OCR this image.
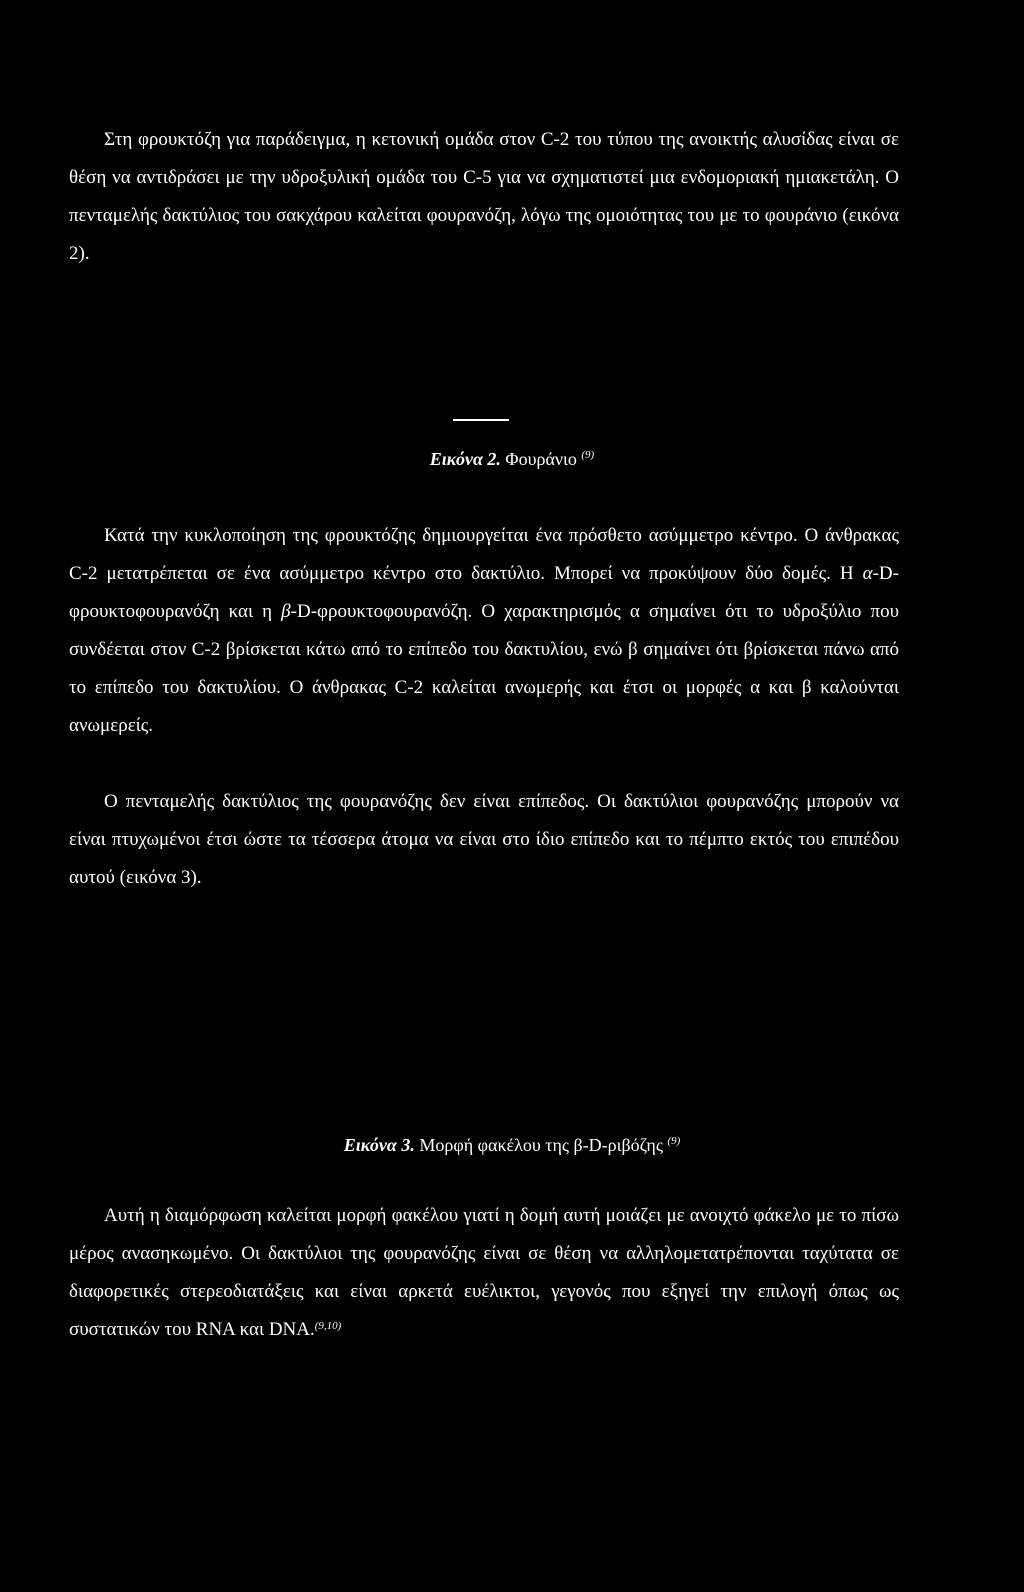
Στη φρουκτόζη για παράδειγμα, η κετονική ομάδα στον C-2 του τύπου της ανοικτής αλυσίδας είναι σε θέση να αντιδράσει με την υδροξυλική ομάδα του C-5 για να σχηματιστεί μια ενδομοριακή ημιακετάλη. Ο πενταμελής δακτύλιος του σακχάρου καλείται φουρανόζη, λόγω της ομοιότητας του με το φουράνιο (εικόνα 2).

Εικόνα 2. Φουράνιο $^{(9)}$

Κατά την κυκλοποίηση της φρουκτόζης δημιουργείται ένα πρόσθετο ασύμμετρο κέντρο. Ο άνθρακας C-2 μετατρέπεται σε ένα ασύμμετρο κέντρο στο δακτύλιο. Μπορεί να προκύψουν δύο δομές. Η α-D-φρουκτοφουρανόζη και η β-D-φρουκτοφουρανόζη. Ο χαρακτηρισμός α σημαίνει ότι το υδροξύλιο που συνδέεται στον C-2 βρίσκεται κάτω από το επίπεδο του δακτυλίου, ενώ β σημαίνει ότι βρίσκεται πάνω από το επίπεδο του δακτυλίου. Ο άνθρακας C-2 καλείται ανωμερής και έτσι οι μορφές α και β καλούνται ανωμερείς.

Ο πενταμελής δακτύλιος της φουρανόζης δεν είναι επίπεδος. Οι δακτύλιοι φουρανόζης μπορούν να είναι πτυχωμένοι έτσι ώστε τα τέσσερα άτομα να είναι στο ίδιο επίπεδο και το πέμπτο εκτός του επιπέδου αυτού (εικόνα 3).

Εικόνα 3. Μορφή φακέλου της β-D-ριβόζης $^{(9)}$

Αυτή η διαμόρφωση καλείται μορφή φακέλου γιατί η δομή αυτή μοιάζει με ανοιχτό φάκελο με το πίσω μέρος ανασηκωμένο. Οι δακτύλιοι της φουρανόζης είναι σε θέση να αλληλομετατρέπονται ταχύτατα σε διαφορετικές στερεοδιατάξεις και είναι αρκετά ευέλικτοι, γεγονός που εξηγεί την επιλογή όπως ως συστατικών του RNA και DNA.$^{(9,10)}$
